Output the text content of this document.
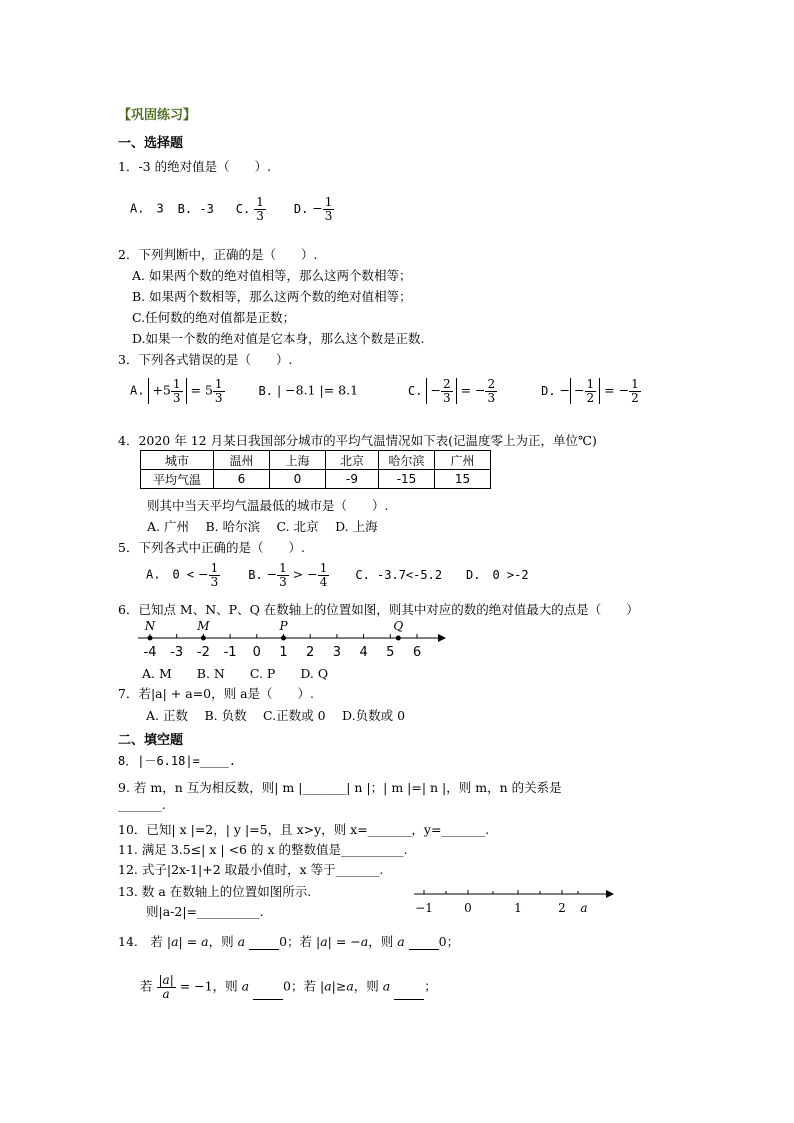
【巩固练习】
一、选择题
1．-3 的绝对值是（　　）.
A.　3 B. -3 C. $\frac{1}{3} D$. − $\frac{1}{3}$
2．下列判断中，正确的是（　　）.
A. 如果两个数的绝对值相等，那么这两个数相等；
B. 如果两个数相等，那么这两个数的绝对值相等；
C.任何数的绝对值都是正数；
D.如果一个数的绝对值是它本身，那么这个数是正数.
3．下列各式错误的是（　　）.
A. $+5 \frac{1}{3} = 5 \frac{1}{3}$	B. | −8.1 |= 8.1	C. − $\frac{2}{3}$ = − $\frac{2}{3}$	D. − − $\frac{1}{2}$ = − $\frac{1}{2}$
4．2020 年 12 月某日我国部分城市的平均气温情况如下表(记温度零上为正，单位℃)
城市	温州	上海	北京	哈尔滨	广州
平均气温	6	0	-9	-15	15
则其中当天平均气温最低的城市是（　　）.
A. 广州　 B. 哈尔滨　 C. 北京　 D. 上海
5．下列各式中正确的是（　　）.
A.　0 < − $\frac{1}{3} B$. − $\frac{1}{3}$ > − $\frac{1}{4} C$. -3.7<-5.2 D.　0 >-2
6．已知点 M、N、P、Q 在数轴上的位置如图，则其中对应的数的绝对值最大的点是（　　）
-4 -3 -2 -1 0 1 2 3 4 5 6
N	M	P	Q
A. M　　B. N　　C. P　　D. Q
7．若|a| + a=0，则 a是（　　）.
A. 正数　 B. 负数　 C.正数或 0　 D.负数或 0
二、填空题
8．|－6.18|=____.
9. 若 m，n 互为相反数，则| m |_______| n |；| m |=| n |，则 m，n 的关系是
_______.
10．已知| x |=2，| y |=5，且 x>y，则 x=_______，y=_______.
11. 满足 3.5≤| x | <6 的 x 的整数值是__________.
12. 式子|2x-1|+2 取最小值时，x 等于_______.
13. 数 a 在数轴上的位置如图所示.
则|a-2|=__________.	−1	0	1	2 a
14.　若 |a| = a，则 a	0；若 |a| = −a，则 a	0；
若 $\frac{|a|}{a} = -1$，则 a	0；若 |a|≥a，则 a	；
